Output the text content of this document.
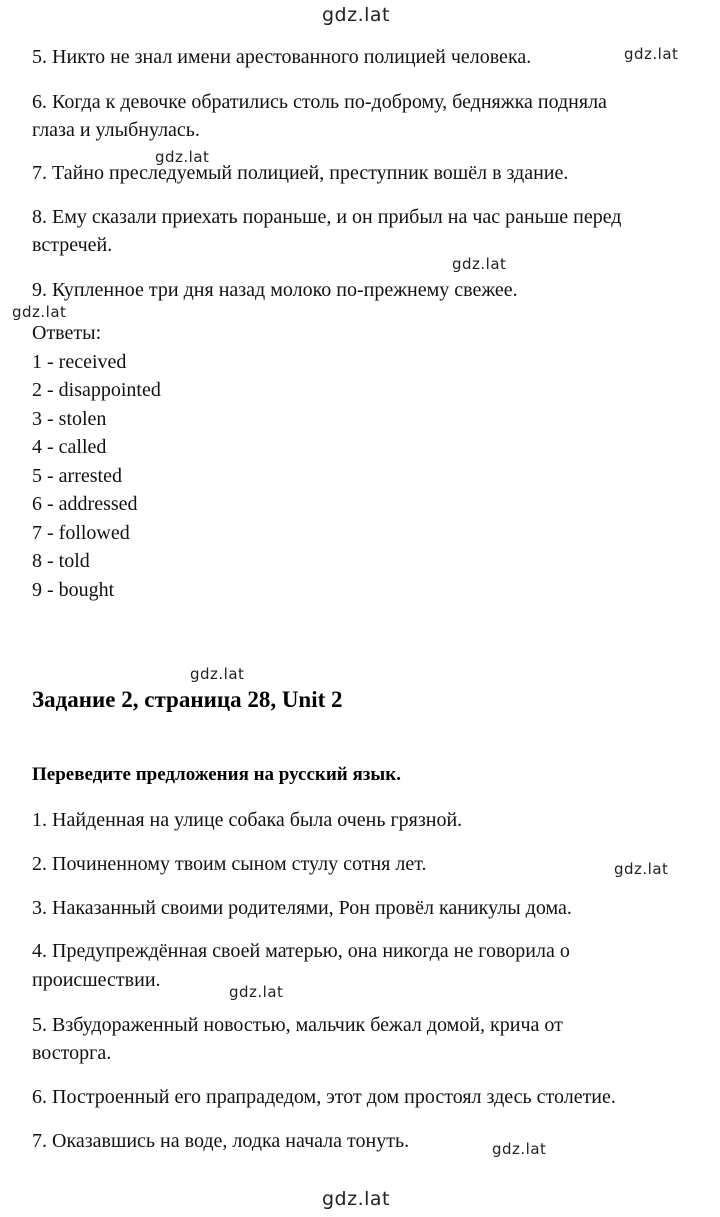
gdz.lat
gdz.lat
gdz.lat
gdz.lat
gdz.lat
gdz.lat
gdz.lat
gdz.lat
gdz.lat
gdz.lat
5. Никто не знал имени арестованного полицией человека.
6. Когда к девочке обратились столь по-доброму, бедняжка подняла
глаза и улыбнулась.
7. Тайно преследуемый полицией, преступник вошёл в здание.
8. Ему сказали приехать пораньше, и он прибыл на час раньше перед
встречей.
9. Купленное три дня назад молоко по-прежнему свежее.
Ответы:
1 - received
2 - disappointed
3 - stolen
4 - called
5 - arrested
6 - addressed
7 - followed
8 - told
9 - bought
Задание 2, страница 28, Unit 2
Переведите предложения на русский язык.
1. Найденная на улице собака была очень грязной.
2. Починенному твоим сыном стулу сотня лет.
3. Наказанный своими родителями, Рон провёл каникулы дома.
4. Предупреждённая своей матерью, она никогда не говорила о
происшествии.
5. Взбудораженный новостью, мальчик бежал домой, крича от
восторга.
6. Построенный его прапрадедом, этот дом простоял здесь столетие.
7. Оказавшись на воде, лодка начала тонуть.
